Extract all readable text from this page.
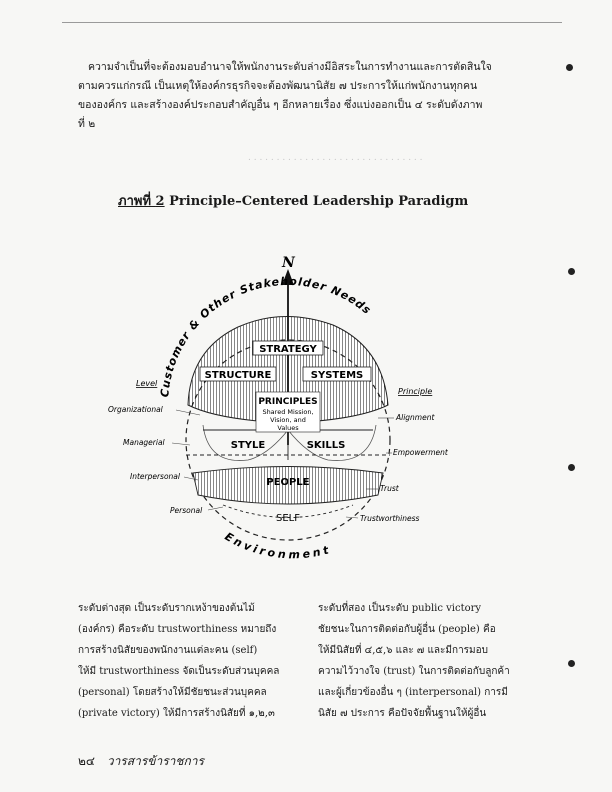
. . . . . . . . . . . . . . . . . . . . . . . . . . . . . . .
ความจำเป็นที่จะต้องมอบอำนาจให้พนักงานระดับล่างมีอิสระในการทำงานและการตัดสินใจ
ตามควรแก่กรณี เป็นเหตุให้องค์กรธุรกิจจะต้องพัฒนานิสัย ๗ ประการให้แก่พนักงานทุกคน
ขององค์กร และสร้างองค์ประกอบสำคัญอื่น ๆ อีกหลายเรื่อง ซึ่งแบ่งออกเป็น ๔ ระดับดังภาพ
ที่ ๒
ภาพที่ 2 Principle–Centered Leadership Paradigm
N
STRATEGY
STRUCTURE	SYSTEMS
PRINCIPLES
Shared Mission,
Vision, and
Values
STYLE	SKILLS
PEOPLE
SELF
Customer & Other Stakeholder Needs
Environment
Level
Organizational
Managerial
Interpersonal
Personal
Principle
Alignment
Empowerment
Trust
Trustworthiness
ระดับต่างสุด เป็นระดับรากเหง้าของต้นไม้
(องค์กร) คือระดับ trustworthiness หมายถึง
การสร้างนิสัยของพนักงานแต่ละคน (self)
ให้มี trustworthiness จัดเป็นระดับส่วนบุคคล
(personal) โดยสร้างให้มีชัยชนะส่วนบุคคล
(private victory) ให้มีการสร้างนิสัยที่ ๑,๒,๓
ระดับที่สอง เป็นระดับ public victory
ชัยชนะในการติดต่อกับผู้อื่น (people) คือ
ให้มีนิสัยที่ ๔,๕,๖ และ ๗ และมีการมอบ
ความไว้วางใจ (trust) ในการติดต่อกับลูกค้า
และผู้เกี่ยวข้องอื่น ๆ (interpersonal) การมี
นิสัย ๗ ประการ คือปัจจัยพื้นฐานให้ผู้อื่น
๒๔ วารสารข้าราชการ
